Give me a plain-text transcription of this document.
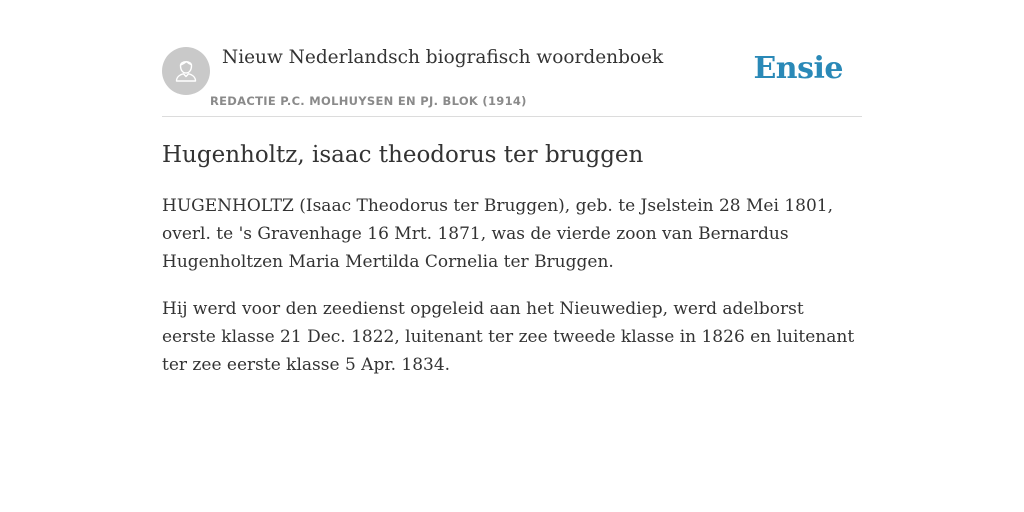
Nieuw Nederlandsch biografisch woordenboek
REDACTIE P.C. MOLHUYSEN EN PJ. BLOK (1914)
Ensie
Hugenholtz, isaac theodorus ter bruggen

HUGENHOLTZ (Isaac Theodorus ter Bruggen), geb. te Jselstein 28 Mei 1801, overl. te 's Gravenhage 16 Mrt. 1871, was de vierde zoon van Bernardus Hugenholtzen Maria Mertilda Cornelia ter Bruggen.

Hij werd voor den zeedienst opgeleid aan het Nieuwediep, werd adelborst eerste klasse 21 Dec. 1822, luitenant ter zee tweede klasse in 1826 en luitenant ter zee eerste klasse 5 Apr. 1834.
